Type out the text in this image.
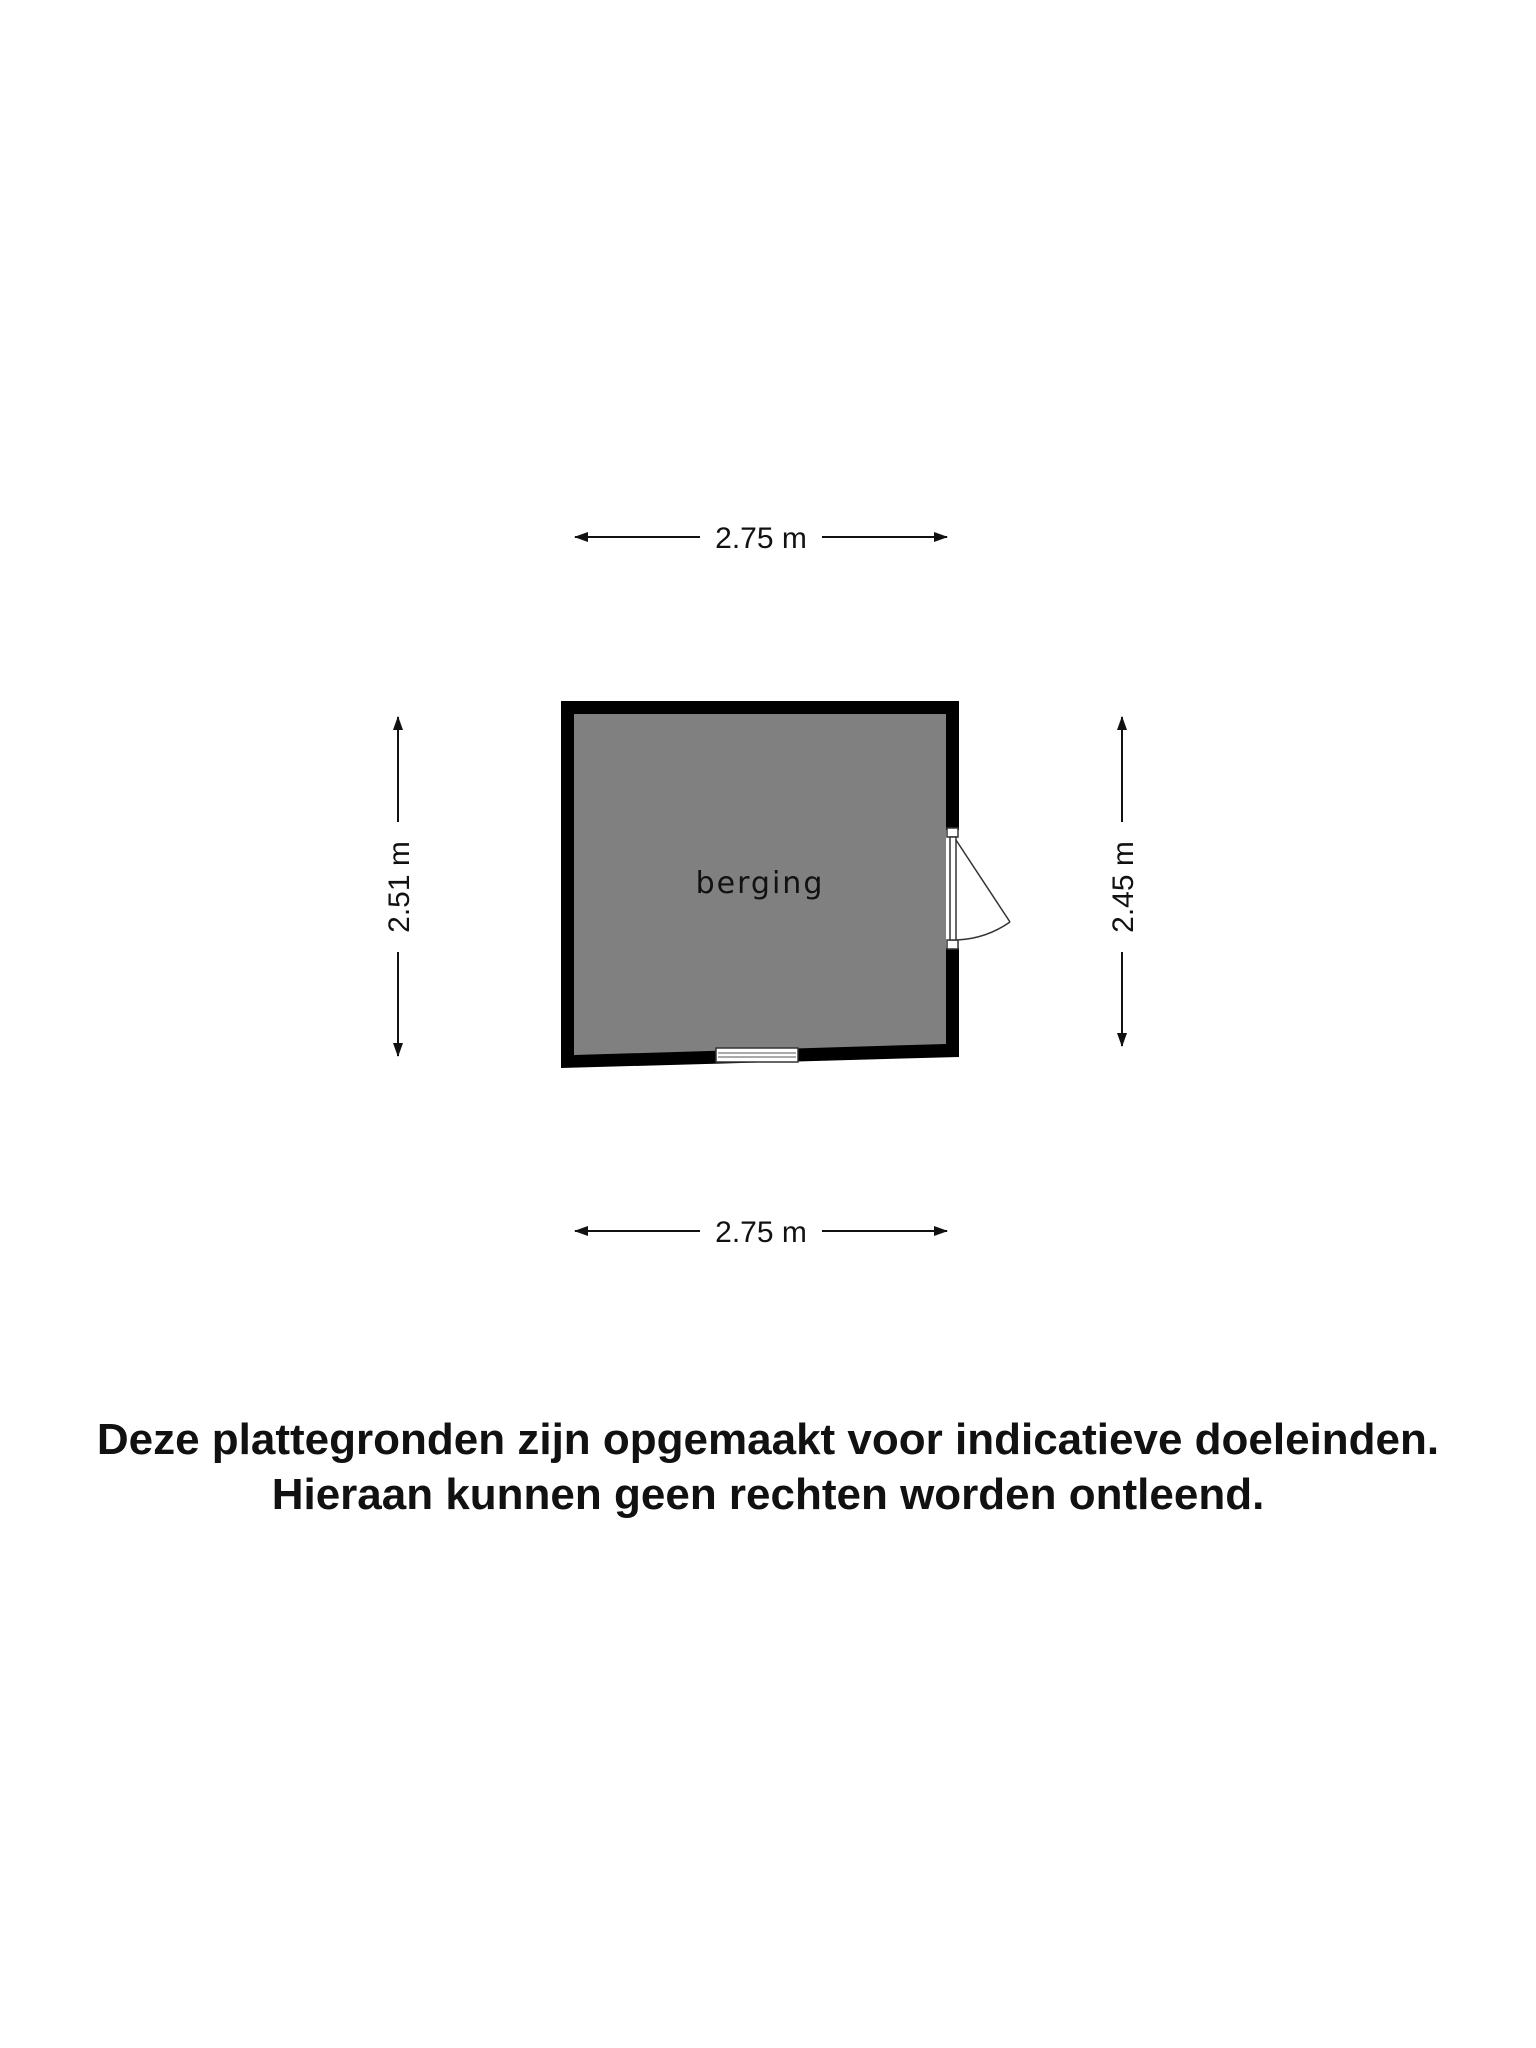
2.75 m
2.75 m
2.51 m	2.45 m
berging
Deze plattegronden zijn opgemaakt voor indicatieve doeleinden.
Hieraan kunnen geen rechten worden ontleend.
